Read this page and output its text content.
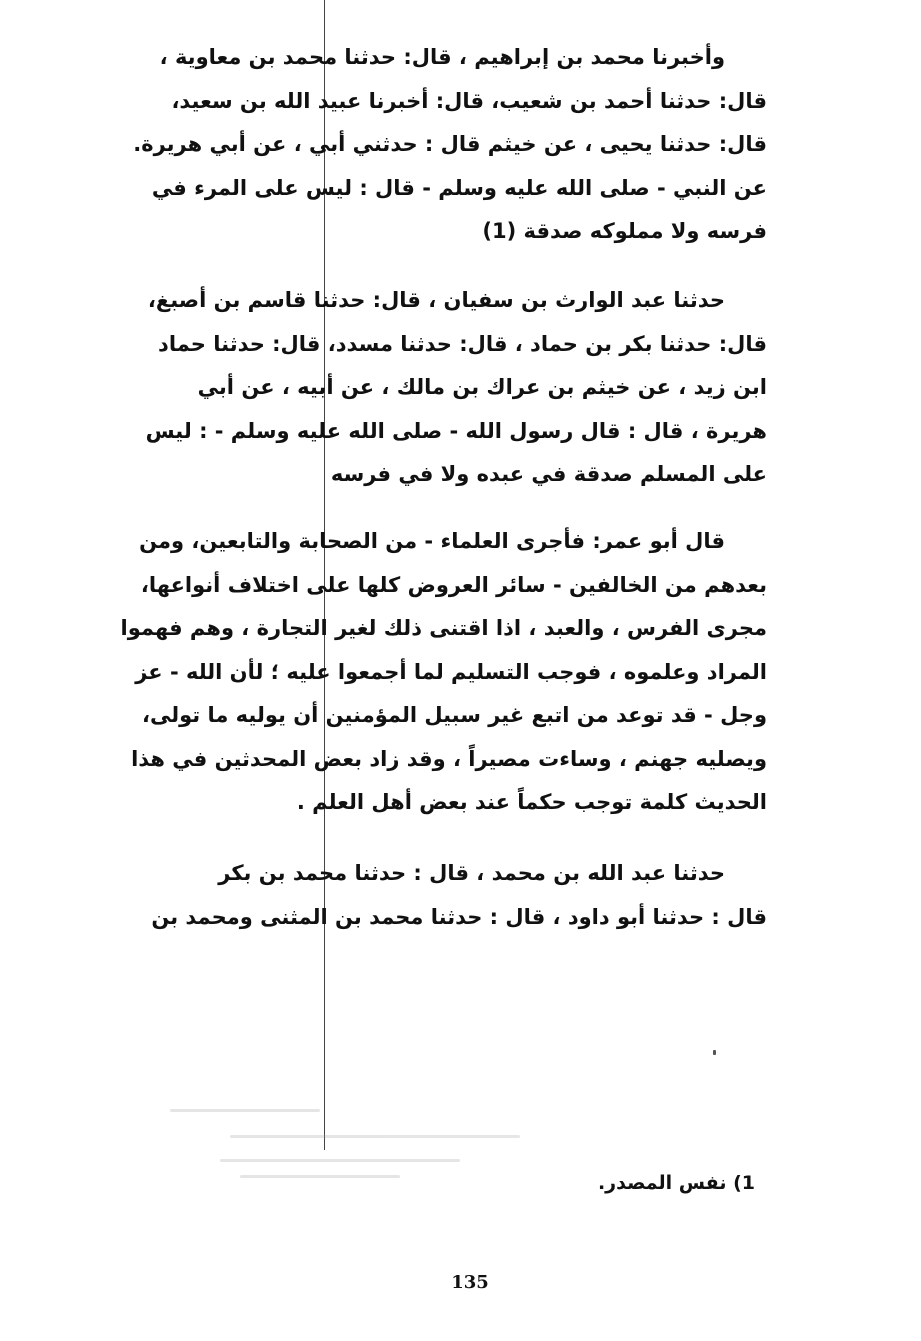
وأخبرنا محمد بن إبراهيم ، قال: حدثنا محمد بن معاوية ،
قال: حدثنا أحمد بن شعيب، قال: أخبرنا عبيد الله بن سعيد،
قال: حدثنا يحيى ، عن خيثم قال : حدثني أبي ، عن أبي هريرة.
عن النبي - صلى الله عليه وسلم - قال : ليس على المرء في
فرسه ولا مملوكه صدقة (1)
حدثنا عبد الوارث بن سفيان ، قال: حدثنا قاسم بن أصبغ،
قال: حدثنا بكر بن حماد ، قال: حدثنا مسدد، قال: حدثنا حماد
ابن زيد ، عن خيثم بن عراك بن مالك ، عن أبيه ، عن أبي
هريرة ، قال : قال رسول الله - صلى الله عليه وسلم - : ليس
على المسلم صدقة في عبده ولا في فرسه
قال أبو عمر: فأجرى العلماء - من الصحابة والتابعين، ومن
بعدهم من الخالفين - سائر العروض كلها على اختلاف أنواعها،
مجرى الفرس ، والعبد ، اذا اقتنى ذلك لغير التجارة ، وهم فهموا
المراد وعلموه ، فوجب التسليم لما أجمعوا عليه ؛ لأن الله - عز
وجل - قد توعد من اتبع غير سبيل المؤمنين أن يوليه ما تولى،
ويصليه جهنم ، وساءت مصيراً ، وقد زاد بعض المحدثين في هذا
الحديث كلمة توجب حكماً عند بعض أهل العلم .
حدثنا عبد الله بن محمد ، قال : حدثنا محمد بن بكر
قال : حدثنا أبو داود ، قال : حدثنا محمد بن المثنى ومحمد بن
1) نفس المصدر.
135
